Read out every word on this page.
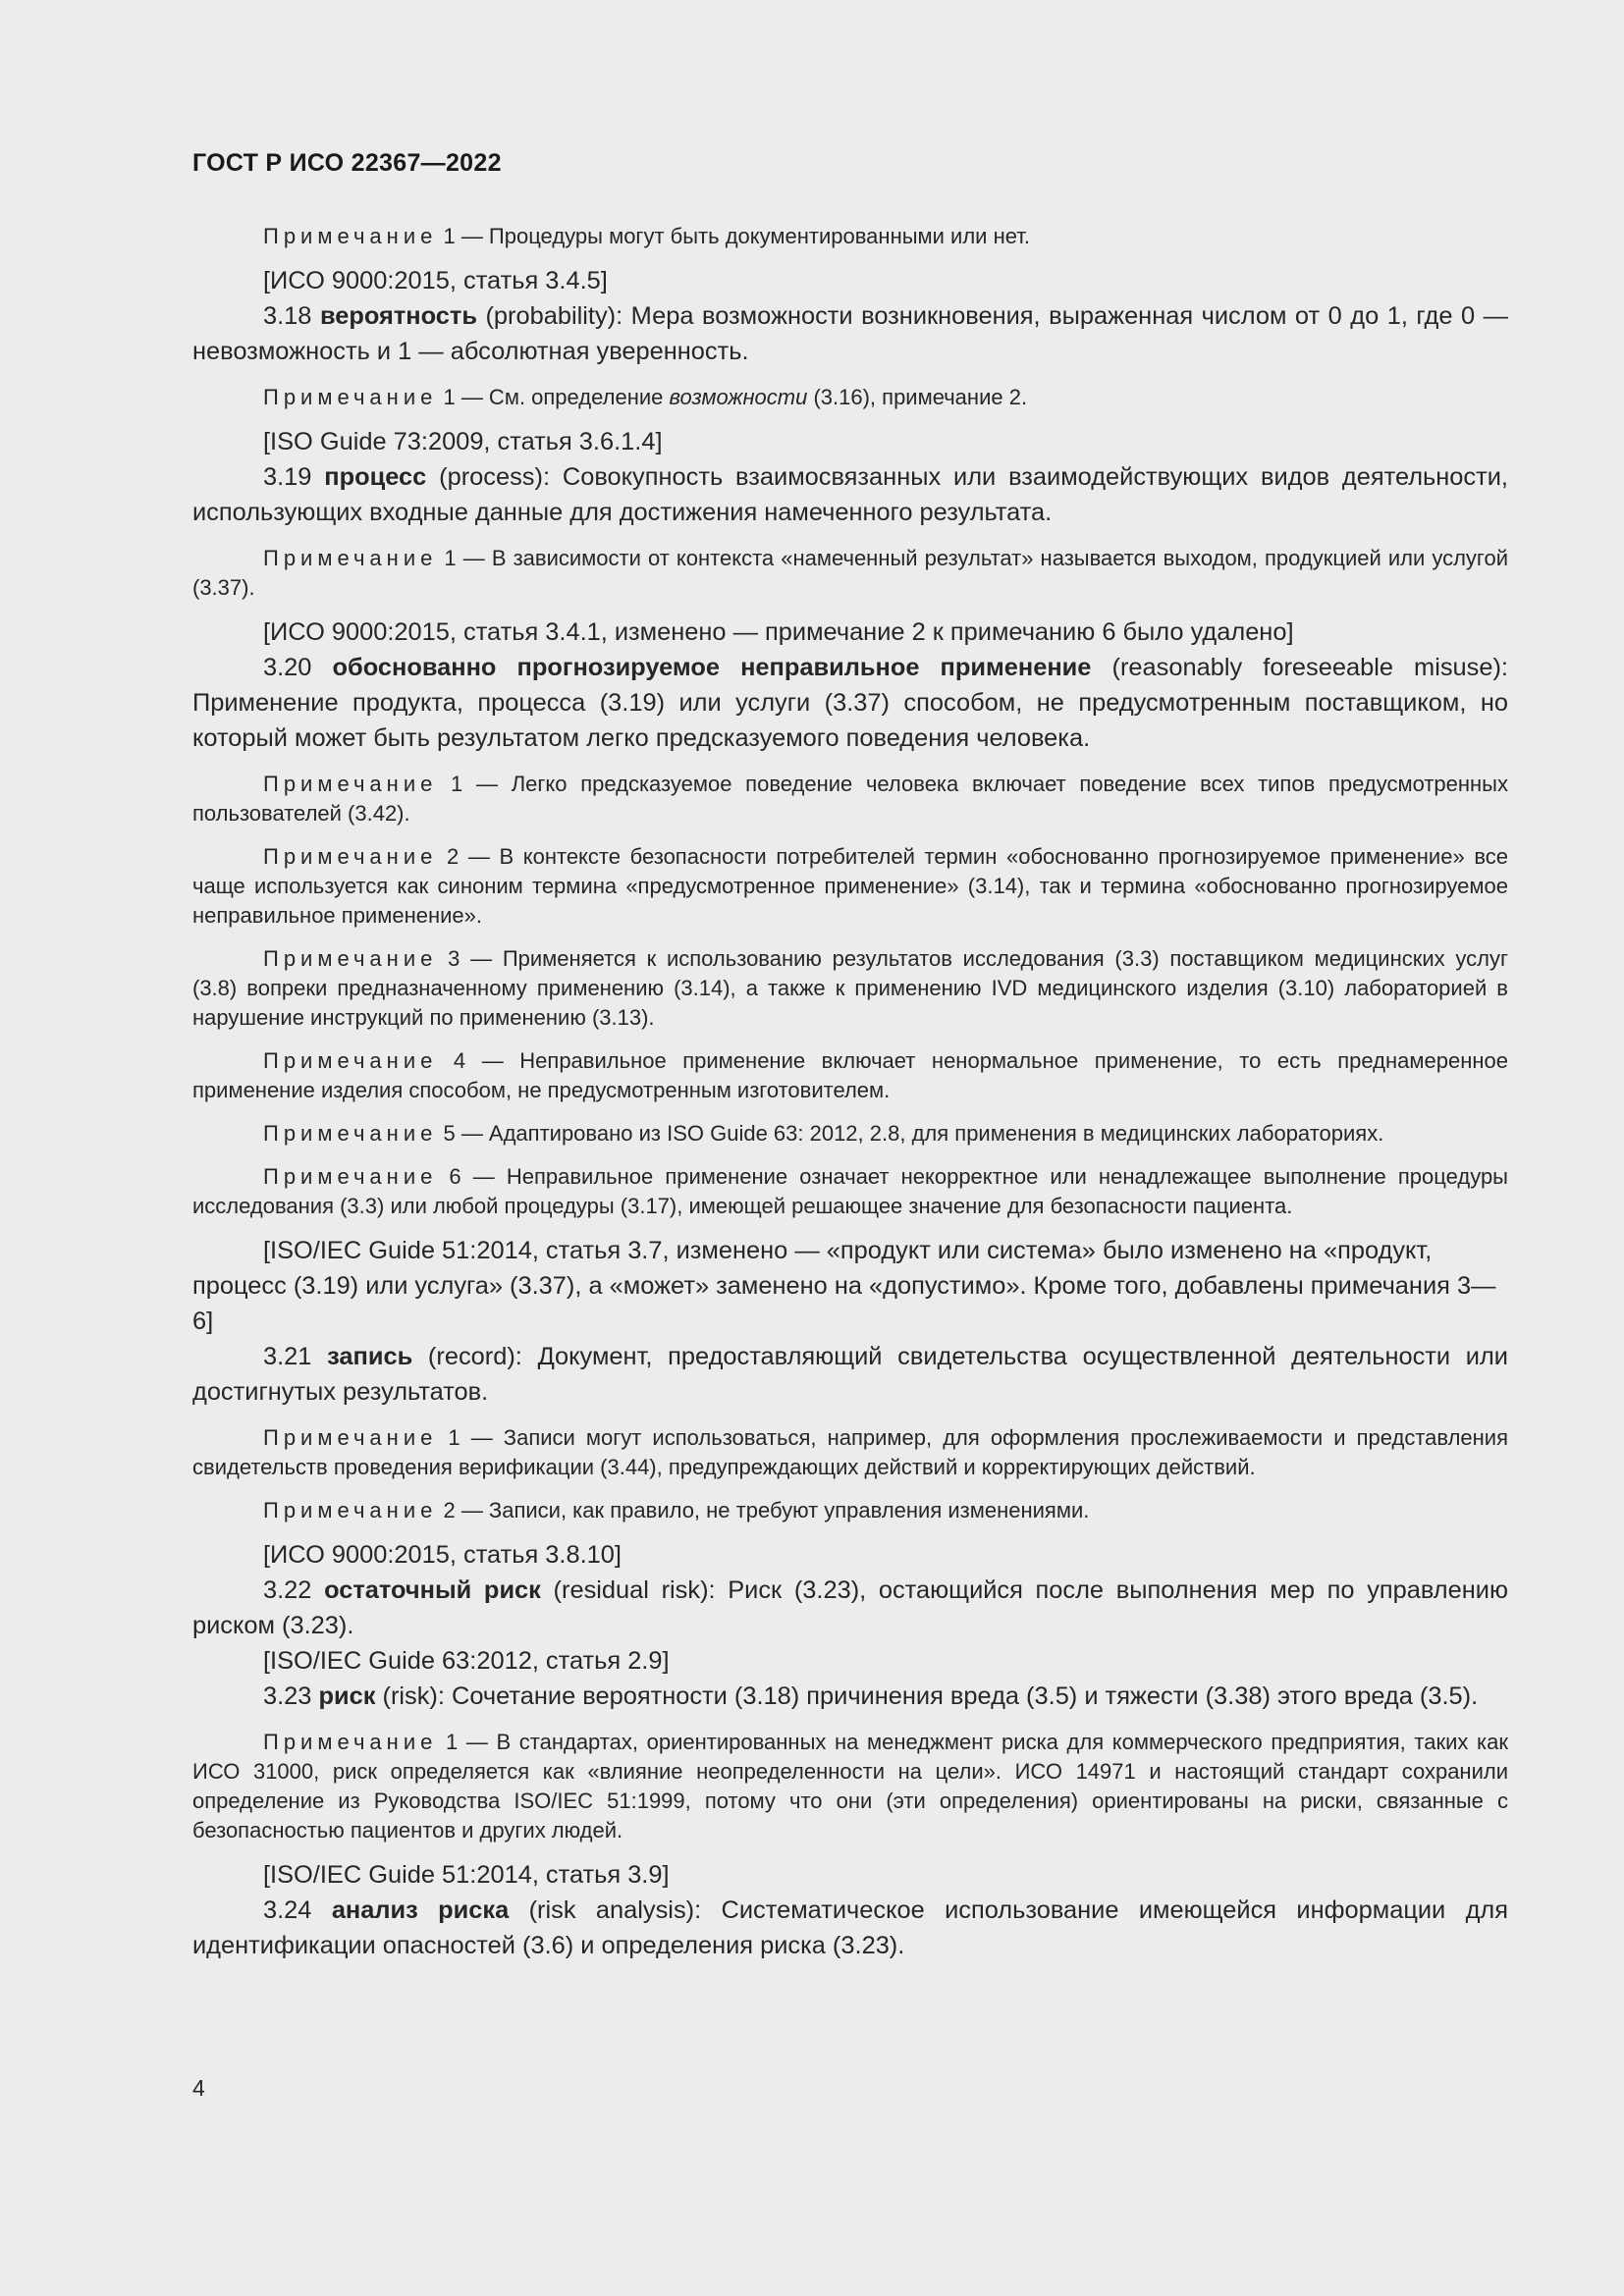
ГОСТ Р ИСО 22367—2022

Примечание 1 — Процедуры могут быть документированными или нет.

[ИСО 9000:2015, статья 3.4.5]

3.18 вероятность (probability): Мера возможности возникновения, выраженная числом от 0 до 1, где 0 — невозможность и 1 — абсолютная уверенность.

Примечание 1 — См. определение возможности (3.16), примечание 2.

[ISO Guide 73:2009, статья 3.6.1.4]

3.19 процесс (process): Совокупность взаимосвязанных или взаимодействующих видов деятельности, использующих входные данные для достижения намеченного результата.

Примечание 1 — В зависимости от контекста «намеченный результат» называется выходом, продукцией или услугой (3.37).

[ИСО 9000:2015, статья 3.4.1, изменено — примечание 2 к примечанию 6 было удалено]

3.20 обоснованно прогнозируемое неправильное применение (reasonably foreseeable misuse): Применение продукта, процесса (3.19) или услуги (3.37) способом, не предусмотренным поставщиком, но который может быть результатом легко предсказуемого поведения человека.

Примечание 1 — Легко предсказуемое поведение человека включает поведение всех типов предусмотренных пользователей (3.42).

Примечание 2 — В контексте безопасности потребителей термин «обоснованно прогнозируемое применение» все чаще используется как синоним термина «предусмотренное применение» (3.14), так и термина «обоснованно прогнозируемое неправильное применение».

Примечание 3 — Применяется к использованию результатов исследования (3.3) поставщиком медицинских услуг (3.8) вопреки предназначенному применению (3.14), а также к применению IVD медицинского изделия (3.10) лабораторией в нарушение инструкций по применению (3.13).

Примечание 4 — Неправильное применение включает ненормальное применение, то есть преднамеренное применение изделия способом, не предусмотренным изготовителем.

Примечание 5 — Адаптировано из ISO Guide 63: 2012, 2.8, для применения в медицинских лабораториях.

Примечание 6 — Неправильное применение означает некорректное или ненадлежащее выполнение процедуры исследования (3.3) или любой процедуры (3.17), имеющей решающее значение для безопасности пациента.

[ISO/IEC Guide 51:2014, статья 3.7, изменено — «продукт или система» было изменено на «продукт, процесс (3.19) или услуга» (3.37), а «может» заменено на «допустимо». Кроме того, добавлены примечания 3—6]

3.21 запись (record): Документ, предоставляющий свидетельства осуществленной деятельности или достигнутых результатов.

Примечание 1 — Записи могут использоваться, например, для оформления прослеживаемости и представления свидетельств проведения верификации (3.44), предупреждающих действий и корректирующих действий.

Примечание 2 — Записи, как правило, не требуют управления изменениями.

[ИСО 9000:2015, статья 3.8.10]

3.22 остаточный риск (residual risk): Риск (3.23), остающийся после выполнения мер по управлению риском (3.23).

[ISO/IEC Guide 63:2012, статья 2.9]

3.23 риск (risk): Сочетание вероятности (3.18) причинения вреда (3.5) и тяжести (3.38) этого вреда (3.5).

Примечание 1 — В стандартах, ориентированных на менеджмент риска для коммерческого предприятия, таких как ИСО 31000, риск определяется как «влияние неопределенности на цели». ИСО 14971 и настоящий стандарт сохранили определение из Руководства ISO/IEC 51:1999, потому что они (эти определения) ориентированы на риски, связанные с безопасностью пациентов и других людей.

[ISO/IEC Guide 51:2014, статья 3.9]

3.24 анализ риска (risk analysis): Систематическое использование имеющейся информации для идентификации опасностей (3.6) и определения риска (3.23).

4
